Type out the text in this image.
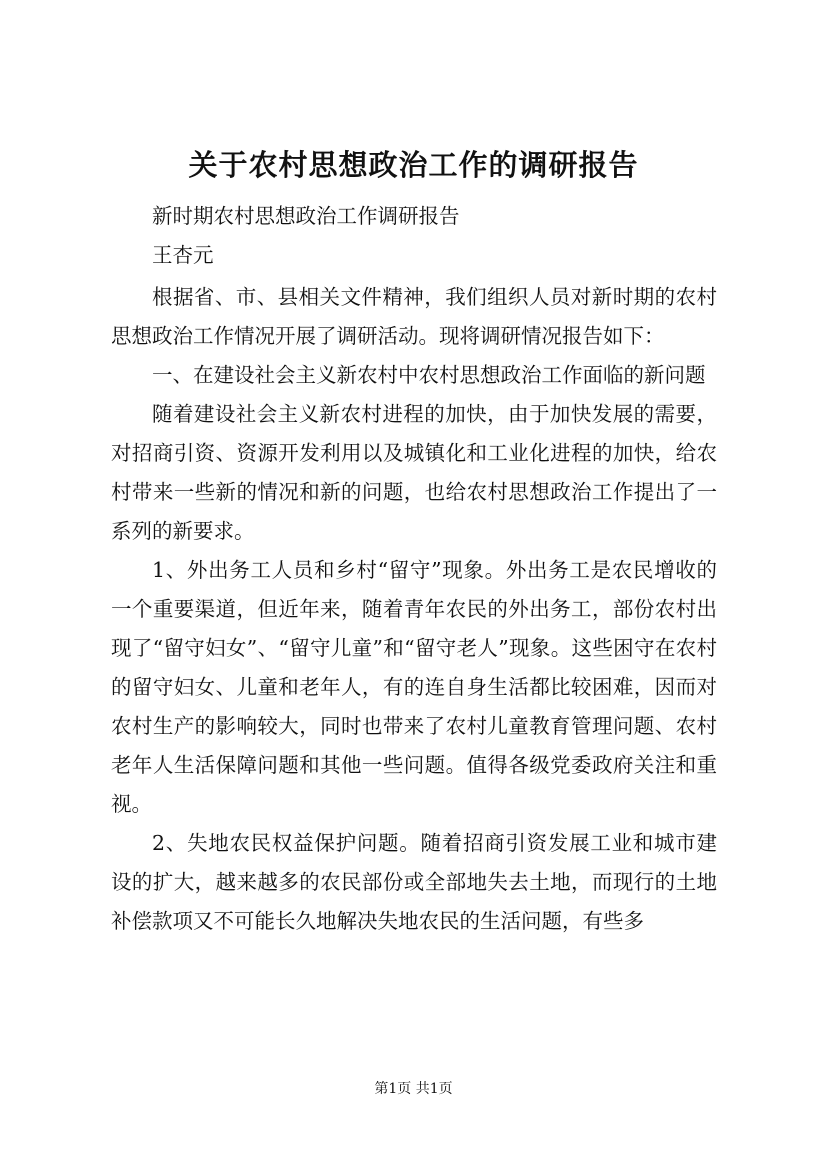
关于农村思想政治工作的调研报告

新时期农村思想政治工作调研报告

王杏元

根据省、市、县相关文件精神，我们组织人员对新时期的农村思想政治工作情况开展了调研活动。现将调研情况报告如下：

一、在建设社会主义新农村中农村思想政治工作面临的新问题

随着建设社会主义新农村进程的加快，由于加快发展的需要，对招商引资、资源开发利用以及城镇化和工业化进程的加快，给农村带来一些新的情况和新的问题，也给农村思想政治工作提出了一系列的新要求。

1、外出务工人员和乡村“留守”现象。外出务工是农民增收的一个重要渠道，但近年来，随着青年农民的外出务工，部份农村出现了“留守妇女”、“留守儿童”和“留守老人”现象。这些困守在农村的留守妇女、儿童和老年人，有的连自身生活都比较困难，因而对农村生产的影响较大，同时也带来了农村儿童教育管理问题、农村老年人生活保障问题和其他一些问题。值得各级党委政府关注和重视。

2、失地农民权益保护问题。随着招商引资发展工业和城市建设的扩大，越来越多的农民部份或全部地失去土地，而现行的土地补偿款项又不可能长久地解决失地农民的生活问题，有些多

第1页 共1页
